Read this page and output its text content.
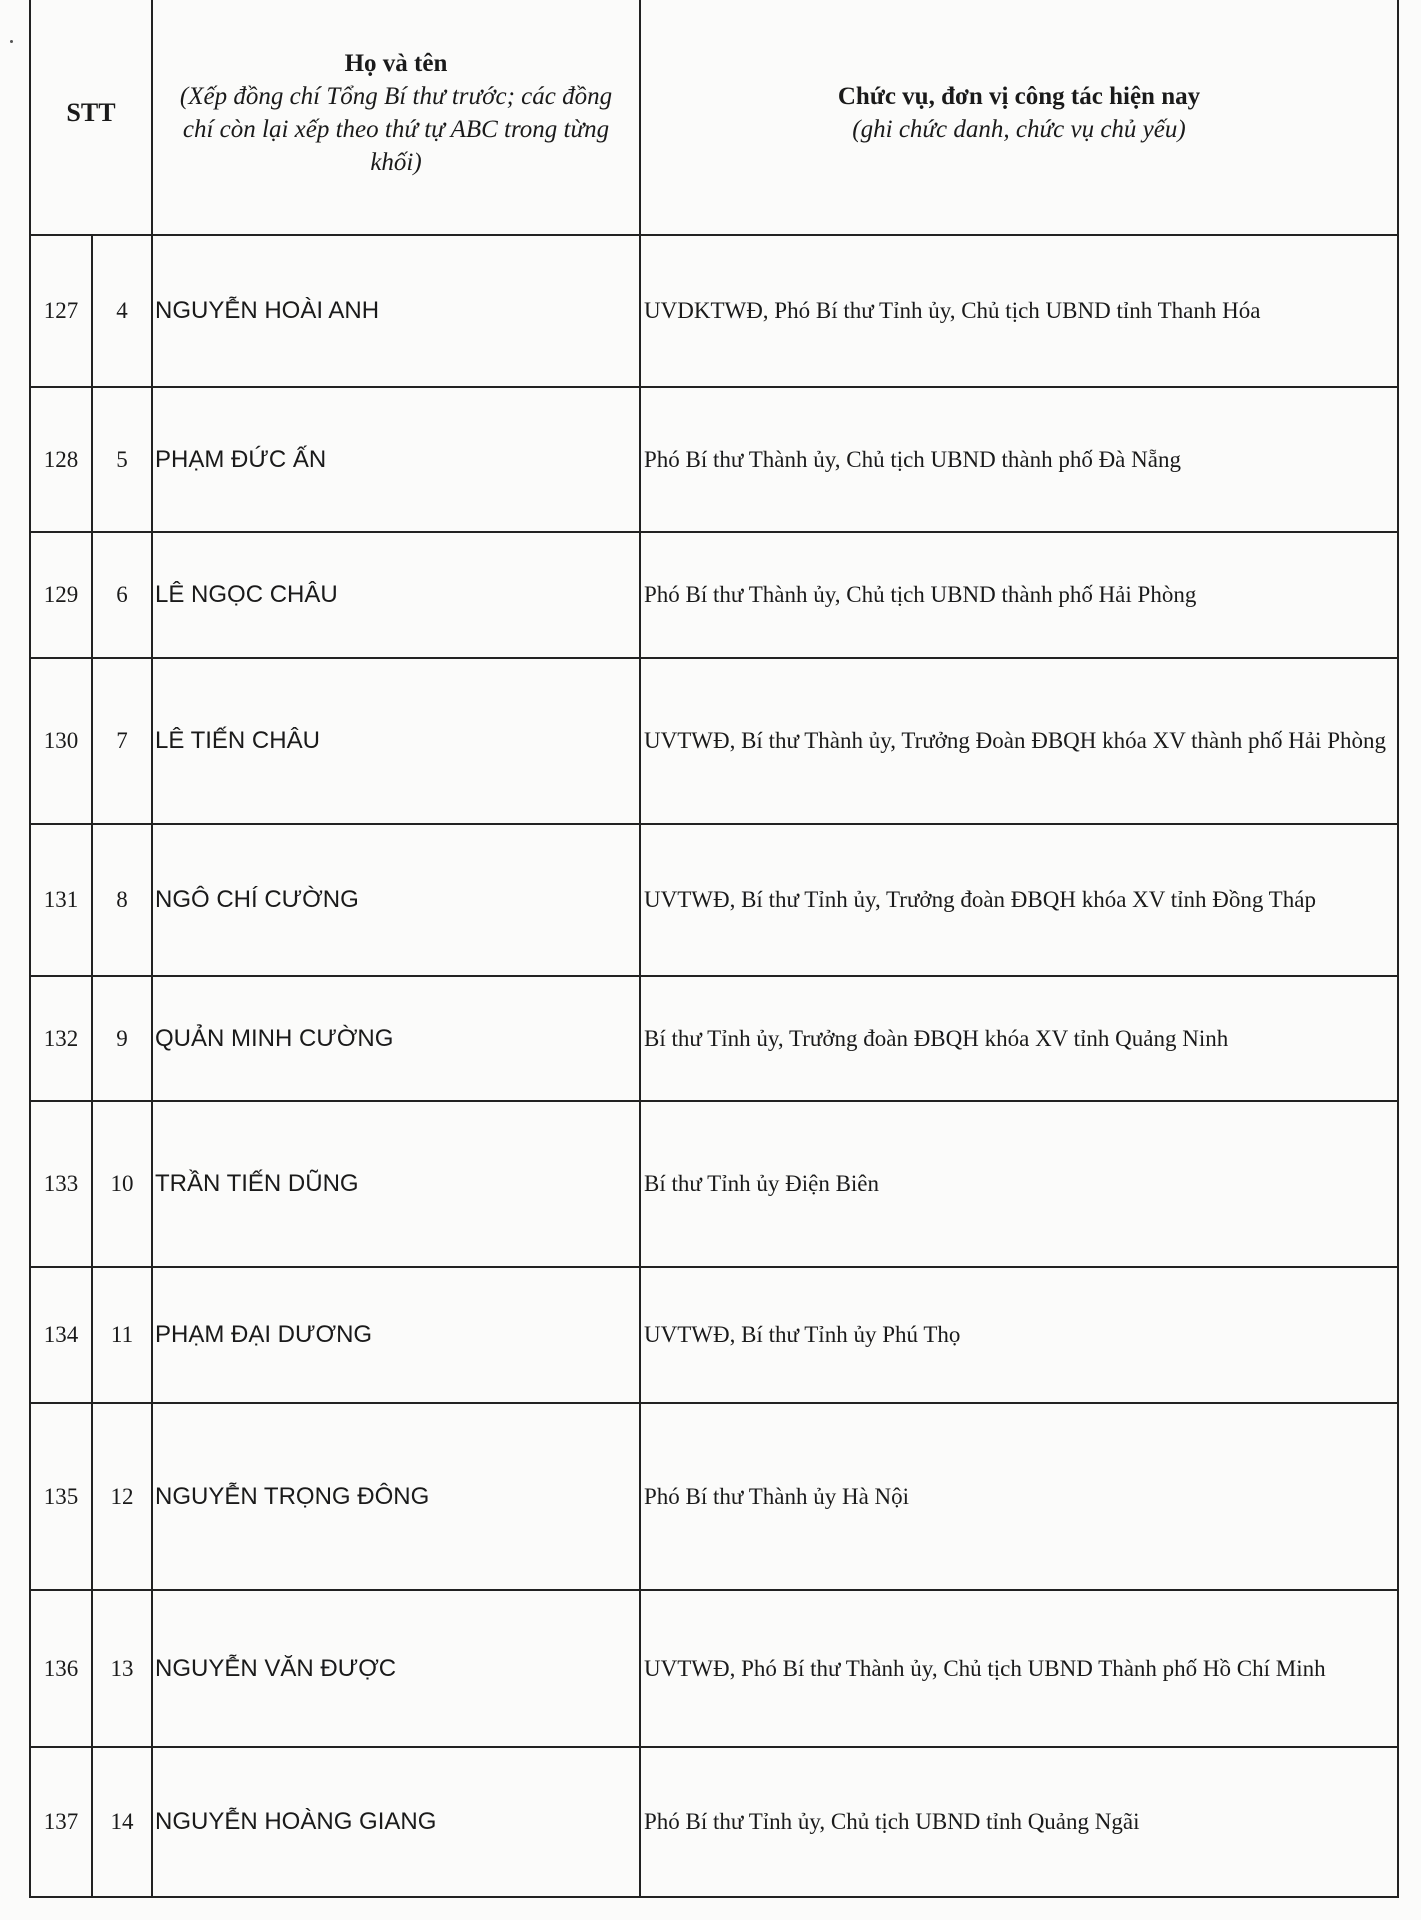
STT		Họ và tên
(Xếp đồng chí Tổng Bí thư trước; các đồng chí còn lại xếp theo thứ tự ABC trong từng khối)	Chức vụ, đơn vị công tác hiện nay
(ghi chức danh, chức vụ chủ yếu)

127	4	NGUYỄN HOÀI ANH	UVDKTWĐ, Phó Bí thư Tỉnh ủy, Chủ tịch UBND tỉnh Thanh Hóa
128	5	PHẠM ĐỨC ẤN	Phó Bí thư Thành ủy, Chủ tịch UBND thành phố Đà Nẵng
129	6	LÊ NGỌC CHÂU	Phó Bí thư Thành ủy, Chủ tịch UBND thành phố Hải Phòng
130	7	LÊ TIẾN CHÂU	UVTWĐ, Bí thư Thành ủy, Trưởng Đoàn ĐBQH khóa XV thành phố Hải Phòng
131	8	NGÔ CHÍ CƯỜNG	UVTWĐ, Bí thư Tỉnh ủy, Trưởng đoàn ĐBQH khóa XV tỉnh Đồng Tháp
132	9	QUẢN MINH CƯỜNG	Bí thư Tỉnh ủy, Trưởng đoàn ĐBQH khóa XV tỉnh Quảng Ninh
133	10	TRẦN TIẾN DŨNG	Bí thư Tỉnh ủy Điện Biên
134	11	PHẠM ĐẠI DƯƠNG	UVTWĐ, Bí thư Tỉnh ủy Phú Thọ
135	12	NGUYỄN TRỌNG ĐÔNG	Phó Bí thư Thành ủy Hà Nội
136	13	NGUYỄN VĂN ĐƯỢC	UVTWĐ, Phó Bí thư Thành ủy, Chủ tịch UBND Thành phố Hồ Chí Minh
137	14	NGUYỄN HOÀNG GIANG	Phó Bí thư Tỉnh ủy, Chủ tịch UBND tỉnh Quảng Ngãi
